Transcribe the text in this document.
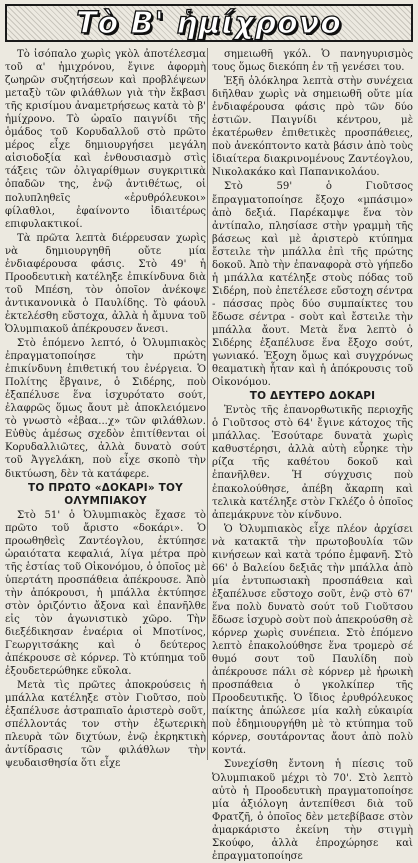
Τὸ Β' ἡμίχρονο

Τὸ ἰσόπαλο χωρὶς γκὸλ ἀποτέλεσμα τοῦ α' ἡμιχρόνου, ἔγινε ἀφορμὴ ζωηρῶν συζητήσεων καὶ προβλέψεων μεταξὺ τῶν φιλάθλων γιὰ τὴν ἔκβασι τῆς κρισίμου ἀναμετρήσεως κατὰ τὸ β' ἡμίχρονο. Τὸ ὡραῖο παιγνίδι τῆς ὁμάδος τοῦ Κορυδαλλοῦ στὸ πρῶτο μέρος εἶχε δημιουργήσει μεγάλη αἰσιοδοξία καὶ ἐνθουσιασμὸ στὶς τάξεις τῶν ὀλιγαρίθμων συγκριτικὰ ὀπαδῶν της, ἐνῷ ἀντιθέτως, οἱ πολυπληθεῖς «ἐρυθρόλευκοι» φίλαθλοι, ἐφαίνοντο ἰδιαιτέρως επιφυλακτικοί.

Τὰ πρῶτα λεπτὰ διέρρευσαν χωρὶς νὰ δημιουργηθῆ οὔτε μία ἐνδιαφέρουσα φάσις. Στὸ 49' ἡ Προοδευτικὴ κατέληξε ἐπικίνδυνα διὰ τοῦ Μπέση, τὸν ὁποῖον ἀνέκοψε ἀντικανονικὰ ὁ Παυλίδης. Τὸ φάουλ ἐκτελέσθη εὔστοχα, ἀλλὰ ἡ ἄμυνα τοῦ Ὀλυμπιακοῦ ἀπέκρουσεν ἄνεσι.

Στὸ ἑπόμενο λεπτό, ὁ Ὀλυμπιακὸς ἐπραγματοποίησε τὴν πρώτη ἐπικίνδυνη ἐπιθετική του ἐνέργεια. Ὁ Πολίτης ἔβγαινε, ὁ Σιδέρης, ποὺ ἐξαπέλυσε ἕνα ἰσχυρότατο σούτ, ἐλαφρῶς ὅμως ἄουτ μὲ ἀποκλειόμενο τὸ γνωστὸ «ἐβαα...χ» τῶν φιλάθλων. Εὐθὺς ἀμέσως σχεδὸν ἐπιτίθενται οἱ Κορυδαλλιῶτες, ἀλλὰ δυνατὸ σούτ τοῦ Ἀγγελάκη, ποὺ εἶχε σκοπὸ τὴν δικτύωση, δὲν τὰ κατάφερε.

ΤΟ ΠΡΩΤΟ «ΔΟΚΑΡΙ» ΤΟΥ ΟΛΥΜΠΙΑΚΟΥ

Στὸ 51' ὁ Ὀλυμπιακὸς ἔχασε τὸ πρῶτο τοῦ ἄριστο «δοκάρι». Ὁ προωθηθεὶς Ζαντέογλου, ἐκτύπησε ὡραιότατα κεφαλιά, λίγα μέτρα πρὸ τῆς ἑστίας τοῦ Οἰκονόμου, ὁ ὁποῖος μὲ ὑπερτάτη προσπάθεια ἀπέκρουσε. Ἀπὸ τὴν ἀπόκρουσι, ἡ μπάλλα ἐκτύπησε στὸν ὁριζόντιο ἄξονα καὶ ἐπανῆλθε εἰς τὸν ἀγωνιστικὸ χῶρο. Τὴν διεξέδικησαν ἐναέρια οἱ Μποτίνος, Γεωργιτσάκης καὶ ὁ δεύτερος ἀπέκρουσε σὲ κόρνερ. Τὸ κτύπημα τοῦ ἐξουδετερώθηκε εὔκολα.

Μετὰ τὶς πρῶτες ἀποκρούσεις ἡ μπάλλα κατέληξε στὸν Γιοῦτσο, ποὺ ἐξαπέλυσε ἀστραπιαῖο ἀριστερὸ σοῦτ, σπέλλοντάς τον στὴν ἐξωτερικὴ πλευρὰ τῶν διχτύων, ἐνῷ ἐκρηκτικὴ ἀντίδρασις τῶν φιλάθλων τὴν ψευδαισθησία ὅτι εἶχε

σημειωθῆ γκόλ. Ὁ πανηγυρισμὸς τους ὅμως διεκόπη ἐν τῇ γενέσει του.

Ἐξῆ ὁλόκληρα λεπτὰ στὴν συνέχεια διῆλθαν χωρὶς νὰ σημειωθῆ οὔτε μία ἐνδιαφέρουσα φάσις πρὸ τῶν δύο ἑστιῶν. Παιγνίδι κέντρου, μὲ ἑκατέρωθεν ἐπιθετικὲς προσπάθειες, ποὺ ἀνεκόπτοντο κατὰ βάσιν ἀπὸ τοὺς ἰδιαίτερα διακρινομένους Ζαντέογλου, Νικολακάκο καὶ Παπανικολάου.

Στὸ 59' ὁ Γιοῦτσος ἔπραγματοποίησε ἔξοχο «μπάσιμο» ἀπὸ δεξιά. Παρέκαμψε ἕνα τὸν ἀντίπαλο, πλησίασε στὴν γραμμὴ τῆς βάσεως καὶ μὲ ἀριστερὸ κτύπημα ἔστειλε τὴν μπάλλα ἐπὶ τῆς πρώτης δοκοῦ. Ἀπὸ τὴν ἐπαναφορὰ στὸ γήπεδο ἡ μπάλλα κατέληξε στοὺς πόδας τοῦ Σιδέρη, ποὺ ἐπετέλεσε εὔστοχη σέντρα - πάσσας πρὸς δύο συμπαίκτες του ἔδωσε σέντρα - σοὺτ καὶ ἔστειλε τὴν μπάλλα ἄουτ. Μετὰ ἕνα λεπτὸ ὁ Σιδέρης ἐξαπέλυσε ἕνα ἔξοχο σούτ, γωνιακό. Ἐξοχη ὅμως καὶ συγχρόνως θεαματικὴ ἦταν καὶ ἡ ἀπόκρουσις τοῦ Οἰκονόμου.

ΤΟ ΔΕΥΤΕΡΟ ΔΟΚΑΡΙ

Ἐντὸς τῆς ἐπανορθωτικῆς περιοχῆς ὁ Γιοῦτσος στὸ 64' ἔγινε κάτοχος τῆς μπάλλας. Ἐσούταρε δυνατὰ χωρὶς καθυστέρησι, ἀλλὰ αὐτὴ εὗρηκε τὴν ρίζα τῆς καθέτου δοκοῦ καὶ ἐπανῆλθεν. Ἡ σύγχυσις ποὺ ἐπακολούθησε, ἀπέβη ἄκαρπη καὶ τελικὰ κατέληξε στὸν Γκλέζο ὁ ὁποῖος ἀπεμάκρυνε τὸν κίνδυνο.

Ὁ Ὀλυμπιακὸς εἶχε πλέον ἀρχίσει νὰ κατακτᾶ τὴν πρωτοβουλία τῶν κινήσεων καὶ κατὰ τρόπο ἐμφανῆ. Στὸ 66' ὁ Βαλείου δεξιᾶς τὴν μπάλλα ἀπὸ μία ἐντυπωσιακὴ προσπάθεια καὶ ἐξαπέλυσε εὔστοχο σοῦτ, ἐνῷ στὸ 67' ἕνα πολὺ δυνατὸ σούτ τοῦ Γιοῦτσου ἔδωσε ἰσχυρὸ σοὺτ ποὺ ἀπεκρούσθη σὲ κόρνερ χωρὶς συνέπεια. Στὸ ἑπόμενο λεπτὸ ἐπακολούθησε ἕνα τρομερὸ σέ θυμό σουτ τοῦ Παυλίδη ποὺ ἀπέκρουσε πάλι σὲ κόρνερ μὲ ἡρωικὴ προσπάθεια ὁ γκολκίπερ τῆς Προοδευτικῆς. Ὁ ἴδιος ἐρυθρόλευκος παίκτης ἀπώλεσε μία καλὴ εὐκαιρία ποὺ ἐδημιουργήθη μὲ τὸ κτύπημα τοῦ κόρνερ, σουτάροντας ἄουτ ἀπὸ πολὺ κοντά.

Συνεχίσθη ἔντονη ἡ πίεσις τοῦ Ὀλυμπιακοῦ μέχρι τὸ 70'. Στὸ λεπτὸ αὐτὸ ἡ Προοδευτικὴ πραγματοποίησε μία ἀξιόλογη ἀντεπίθεσι διὰ τοῦ Φρατζῆ, ὁ ὁποῖος δὲν μετεβίβασε στὸν ἀμαρκάριστο ἐκείνη τὴν στιγμὴ Σκούφο, ἀλλὰ ἐπροχώρησε καὶ ἐπραγματοποίησε
